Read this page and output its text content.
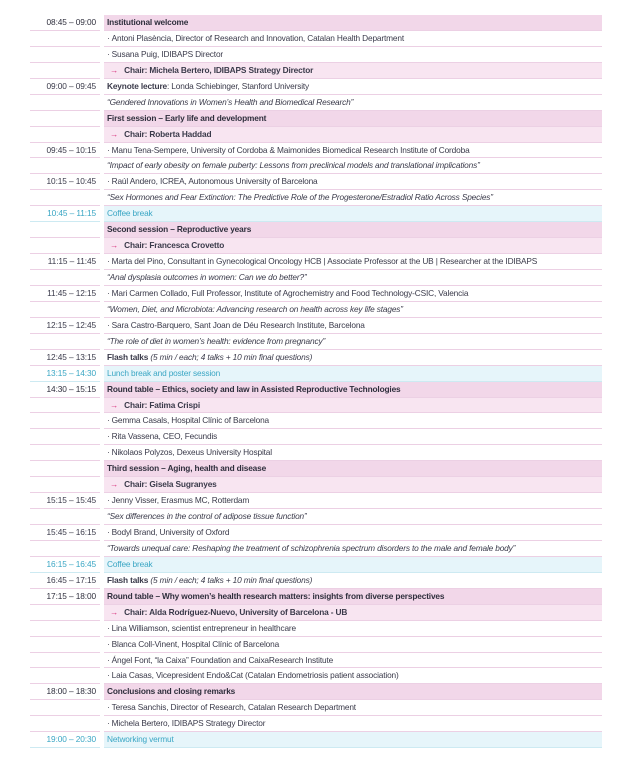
08:45 – 09:00	Institutional welcome
· Antoni Plasència, Director of Research and Innovation, Catalan Health Department
· Susana Puig, IDIBAPS Director
→ Chair: Michela Bertero, IDIBAPS Strategy Director
09:00 – 09:45	Keynote lecture: Londa Schiebinger, Stanford University
“Gendered Innovations in Women’s Health and Biomedical Research”
First session – Early life and development
→ Chair: Roberta Haddad
09:45 – 10:15	· Manu Tena-Sempere, University of Cordoba & Maimonides Biomedical Research Institute of Cordoba
“Impact of early obesity on female puberty: Lessons from preclinical models and translational implications”
10:15 – 10:45	· Raúl Andero, ICREA, Autonomous University of Barcelona
“Sex Hormones and Fear Extinction: The Predictive Role of the Progesterone/Estradiol Ratio Across Species”
10:45 – 11:15	Coffee break
Second session – Reproductive years
→ Chair: Francesca Crovetto
11:15 – 11:45	· Marta del Pino, Consultant in Gynecological Oncology HCB | Associate Professor at the UB | Researcher at the IDIBAPS
“Anal dysplasia outcomes in women: Can we do better?”
11:45 – 12:15	· Mari Carmen Collado, Full Professor, Institute of Agrochemistry and Food Technology-CSIC, Valencia
“Women, Diet, and Microbiota: Advancing research on health across key life stages”
12:15 – 12:45	· Sara Castro-Barquero, Sant Joan de Déu Research Institute, Barcelona
“The role of diet in women’s health: evidence from pregnancy”
12:45 – 13:15	Flash talks (5 min / each; 4 talks + 10 min final questions)
13:15 – 14:30	Lunch break and poster session
14:30 – 15:15	Round table – Ethics, society and law in Assisted Reproductive Technologies
→ Chair: Fatima Crispi
· Gemma Casals, Hospital Clínic of Barcelona
· Rita Vassena, CEO, Fecundis
· Nikolaos Polyzos, Dexeus University Hospital
Third session – Aging, health and disease
→ Chair: Gisela Sugranyes
15:15 – 15:45	· Jenny Visser, Erasmus MC, Rotterdam
“Sex differences in the control of adipose tissue function”
15:45 – 16:15	· Bodyl Brand, University of Oxford
“Towards unequal care: Reshaping the treatment of schizophrenia spectrum disorders to the male and female body”
16:15 – 16:45	Coffee break
16:45 – 17:15	Flash talks (5 min / each; 4 talks + 10 min final questions)
17:15 – 18:00	Round table – Why women’s health research matters: insights from diverse perspectives
→ Chair: Alda Rodríguez-Nuevo, University of Barcelona - UB
· Lina Williamson, scientist entrepreneur in healthcare
· Blanca Coll-Vinent, Hospital Clínic of Barcelona
· Ángel Font, “la Caixa” Foundation and CaixaResearch Institute
· Laia Casas, Vicepresident Endo&Cat (Catalan Endometriosis patient association)
18:00 – 18:30	Conclusions and closing remarks
· Teresa Sanchis, Director of Research, Catalan Research Department
· Michela Bertero, IDIBAPS Strategy Director
19:00 – 20:30	Networking vermut
